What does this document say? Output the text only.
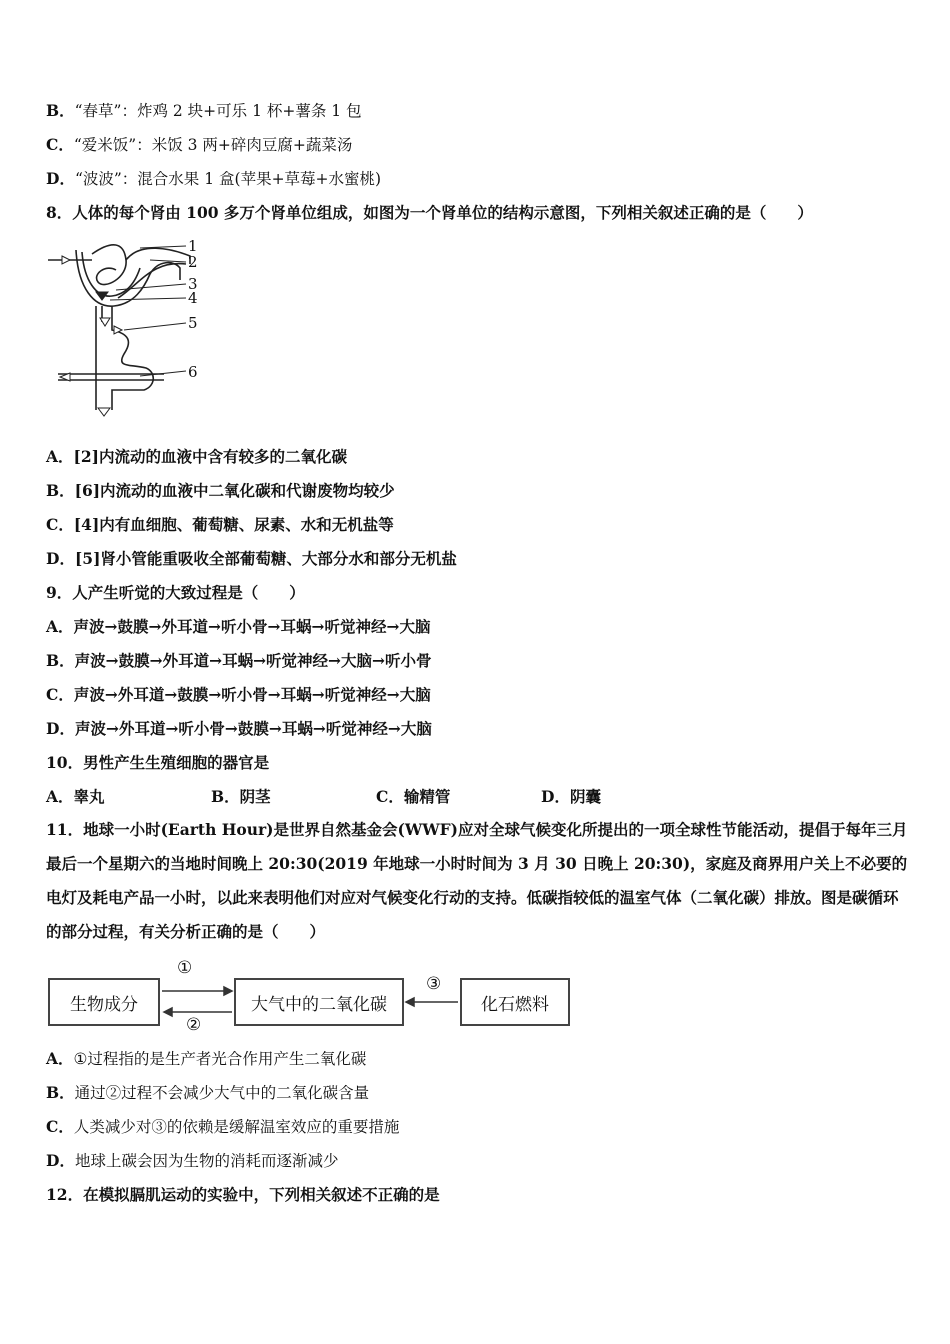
B．“春草”：炸鸡 2 块+可乐 1 杯+薯条 1 包
C．“爱米饭”：米饭 3 两+碎肉豆腐+蔬菜汤
D．“波波”：混合水果 1 盒(苹果+草莓+水蜜桃)
8．人体的每个肾由 100 多万个肾单位组成，如图为一个肾单位的结构示意图，下列相关叙述正确的是（　　）
1
2
3
4
5
6
A．[2]内流动的血液中含有较多的二氧化碳
B．[6]内流动的血液中二氧化碳和代谢废物均较少
C．[4]内有血细胞、葡萄糖、尿素、水和无机盐等
D．[5]肾小管能重吸收全部葡萄糖、大部分水和部分无机盐
9．人产生听觉的大致过程是（　　）
A．声波→鼓膜→外耳道→听小骨→耳蜗→听觉神经→大脑
B．声波→鼓膜→外耳道→耳蜗→听觉神经→大脑→听小骨
C．声波→外耳道→鼓膜→听小骨→耳蜗→听觉神经→大脑
D．声波→外耳道→听小骨→鼓膜→耳蜗→听觉神经→大脑
10．男性产生生殖细胞的器官是
A．睾丸	B．阴茎	C．输精管	D．阴囊
11．地球一小时(Earth Hour)是世界自然基金会(WWF)应对全球气候变化所提出的一项全球性节能活动，提倡于每年三月最后一个星期六的当地时间晚上 20:30(2019 年地球一小时时间为 3 月 30 日晚上 20:30)，家庭及商界用户关上不必要的电灯及耗电产品一小时，以此来表明他们对应对气候变化行动的支持。低碳指较低的温室气体（二氧化碳）排放。图是碳循环的部分过程，有关分析正确的是（　　）
生物成分	大气中的二氧化碳	化石燃料
①
②
③
A．①过程指的是生产者光合作用产生二氧化碳
B．通过②过程不会减少大气中的二氧化碳含量
C．人类减少对③的依赖是缓解温室效应的重要措施
D．地球上碳会因为生物的消耗而逐渐减少
12．在模拟膈肌运动的实验中，下列相关叙述不正确的是
